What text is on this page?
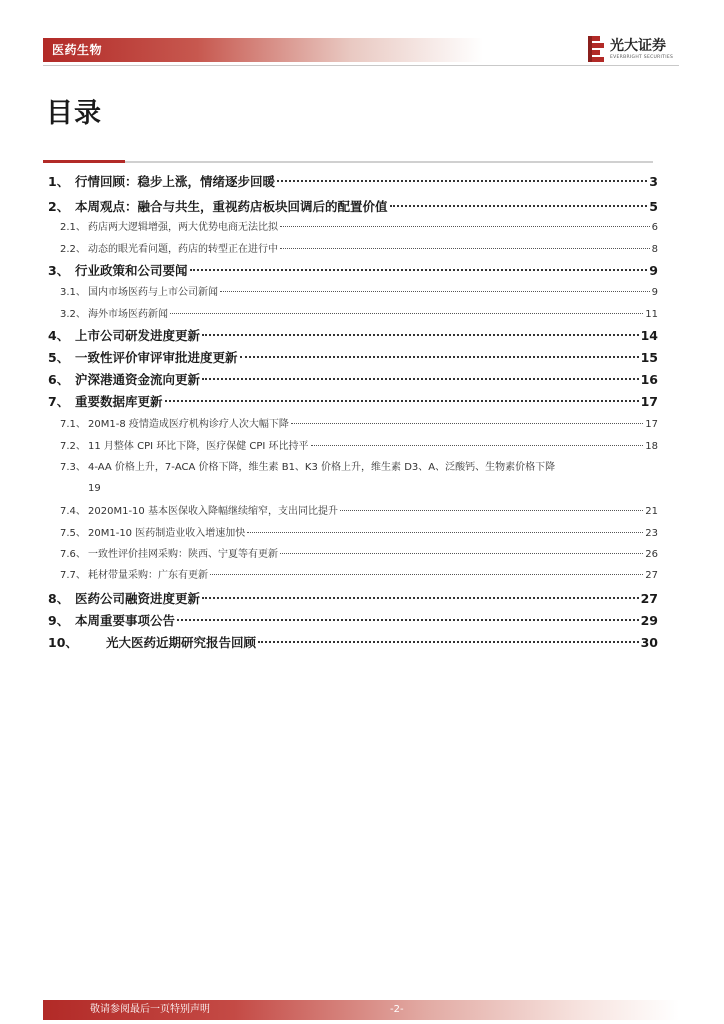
医药生物	光大证券
EVERBRIGHT SECURITIES
目录
1、 行情回顾：稳步上涨，情绪逐步回暖	3
2、 本周观点：融合与共生，重视药店板块回调后的配置价值	5
2.1、 药店两大逻辑增强，两大优势电商无法比拟	6
2.2、 动态的眼光看问题，药店的转型正在进行中	8
3、 行业政策和公司要闻	9
3.1、 国内市场医药与上市公司新闻	9
3.2、 海外市场医药新闻	11
4、 上市公司研发进度更新	14
5、 一致性评价审评审批进度更新	15
6、 沪深港通资金流向更新	16
7、 重要数据库更新	17
7.1、 20M1-8 疫情造成医疗机构诊疗人次大幅下降	17
7.2、 11 月整体 CPI 环比下降，医疗保健 CPI 环比持平	18
7.3、 4-AA 价格上升，7-ACA 价格下降，维生素 B1、K3 价格上升，维生素 D3、A、泛酸钙、生物素价格下降
19
7.4、 2020M1-10 基本医保收入降幅继续缩窄，支出同比提升	21
7.5、 20M1-10 医药制造业收入增速加快	23
7.6、 一致性评价挂网采购：陕西、宁夏等有更新	26
7.7、 耗材带量采购：广东有更新	27
8、 医药公司融资进度更新	27
9、 本周重要事项公告	29
10、	光大医药近期研究报告回顾	30
敬请参阅最后一页特别声明	-2-
